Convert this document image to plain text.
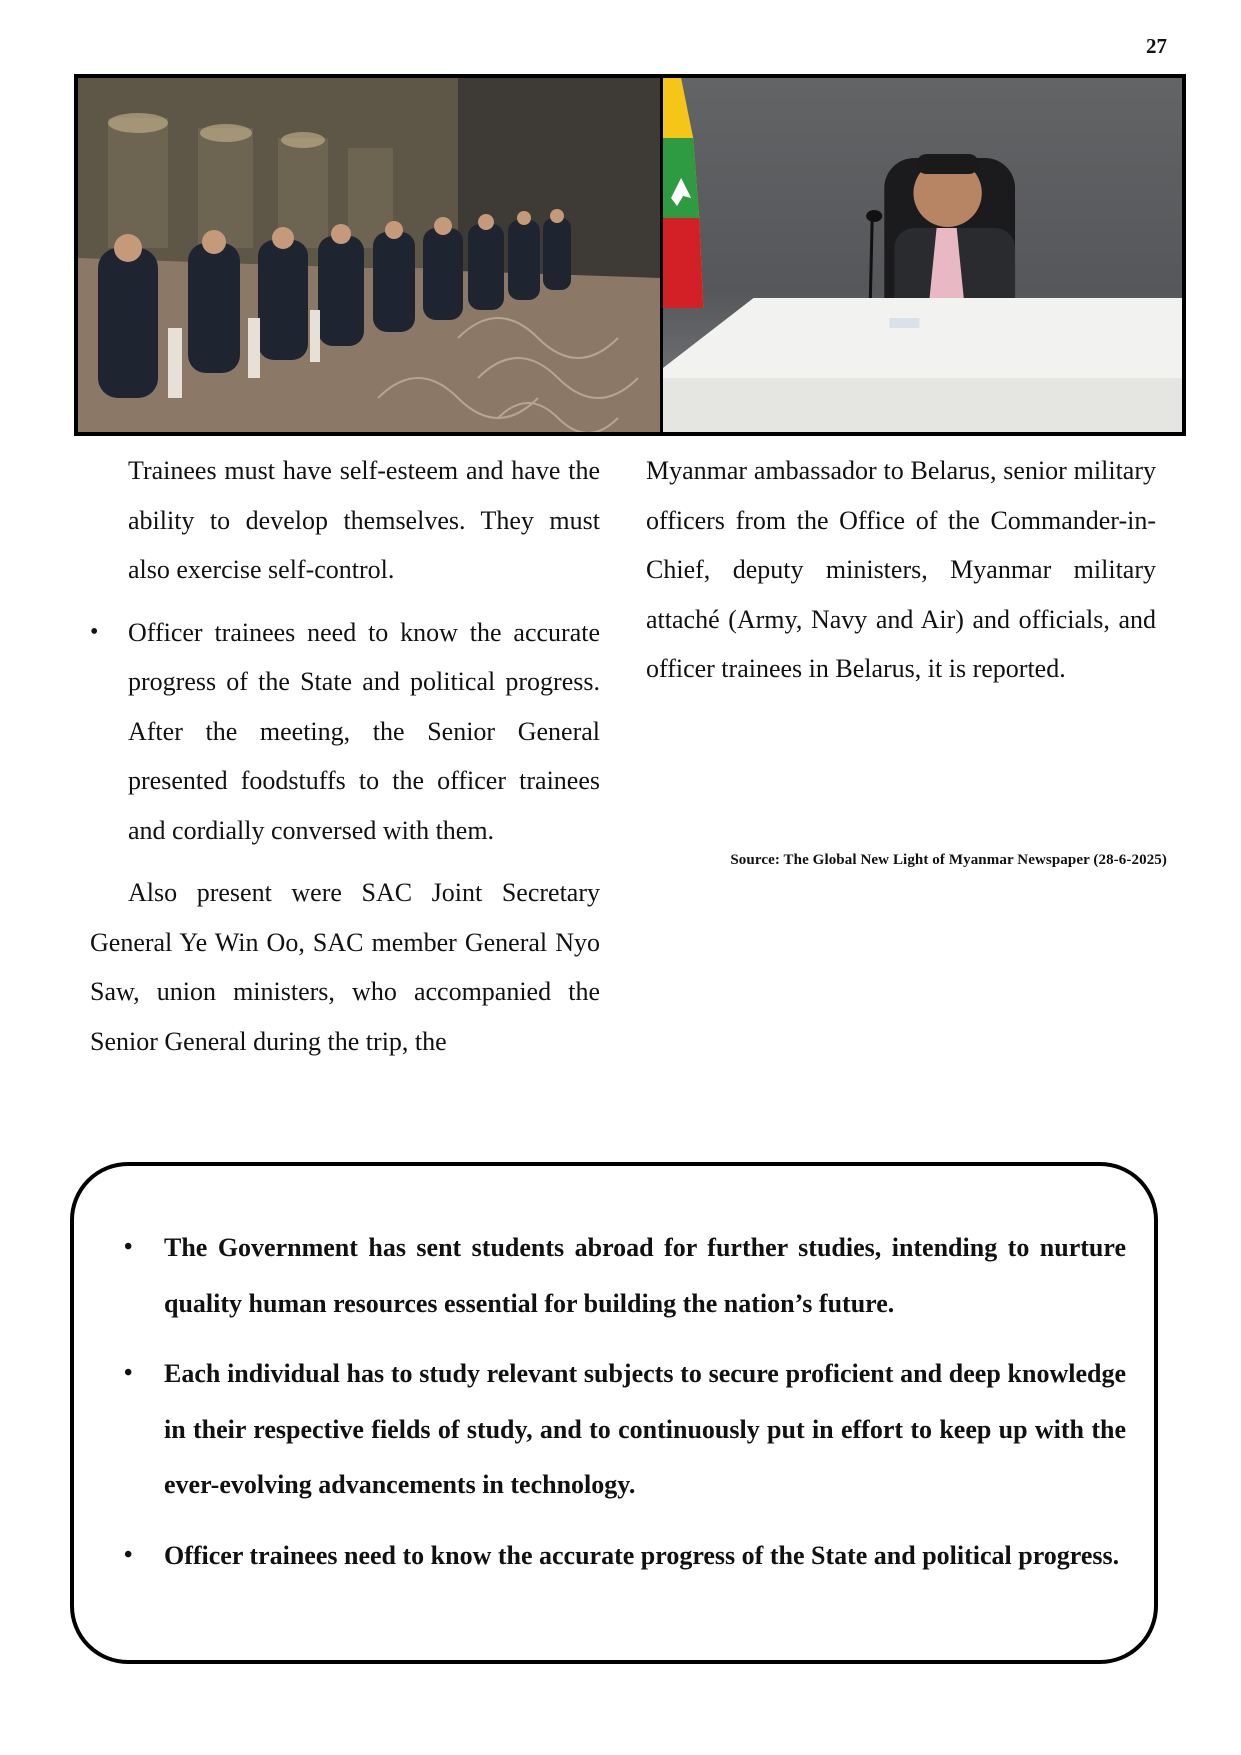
27

Trainees must have self-esteem and have the ability to develop themselves. They must also exercise self-control.

• Officer trainees need to know the accurate progress of the State and political progress. After the meeting, the Senior General presented foodstuffs to the officer trainees and cordially conversed with them.

Also present were SAC Joint Secretary General Ye Win Oo, SAC member General Nyo Saw, union ministers, who accompanied the Senior General during the trip, the

Myanmar ambassador to Belarus, senior military officers from the Office of the Commander-in-Chief, deputy ministers, Myanmar military attaché (Army, Navy and Air) and officials, and officer trainees in Belarus, it is reported.

Source: The Global New Light of Myanmar Newspaper (28-6-2025)
• The Government has sent students abroad for further studies, intending to nurture quality human resources essential for building the nation’s future.
• Each individual has to study relevant subjects to secure proficient and deep knowledge in their respective fields of study, and to continuously put in effort to keep up with the ever-evolving advancements in technology.
• Officer trainees need to know the accurate progress of the State and political progress.
